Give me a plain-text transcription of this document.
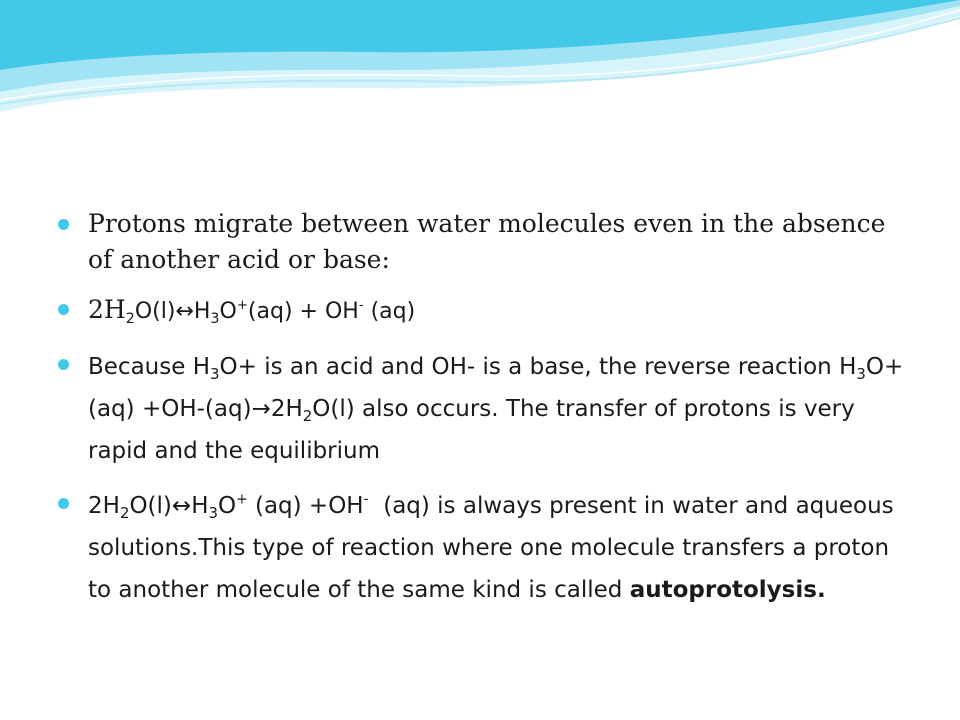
Protons migrate between water molecules even in the absence of another acid or base:
$2H_2O(l)\leftrightarrow H_3O^+(aq) + OH^-$ (aq)
Because $H_3O+$ is an acid and OH- is a base, the reverse reaction $H_3O+(aq) +OH-(aq)\to 2H_2O(l)$ also occurs. The transfer of protons is very rapid and the equilibrium
$2H_2O(l)\leftrightarrow H_3O^+$ (aq) +OH-  (aq) is always present in water and aqueous solutions.This type of reaction where one molecule transfers a proton to another molecule of the same kind is called autoprotolysis.
